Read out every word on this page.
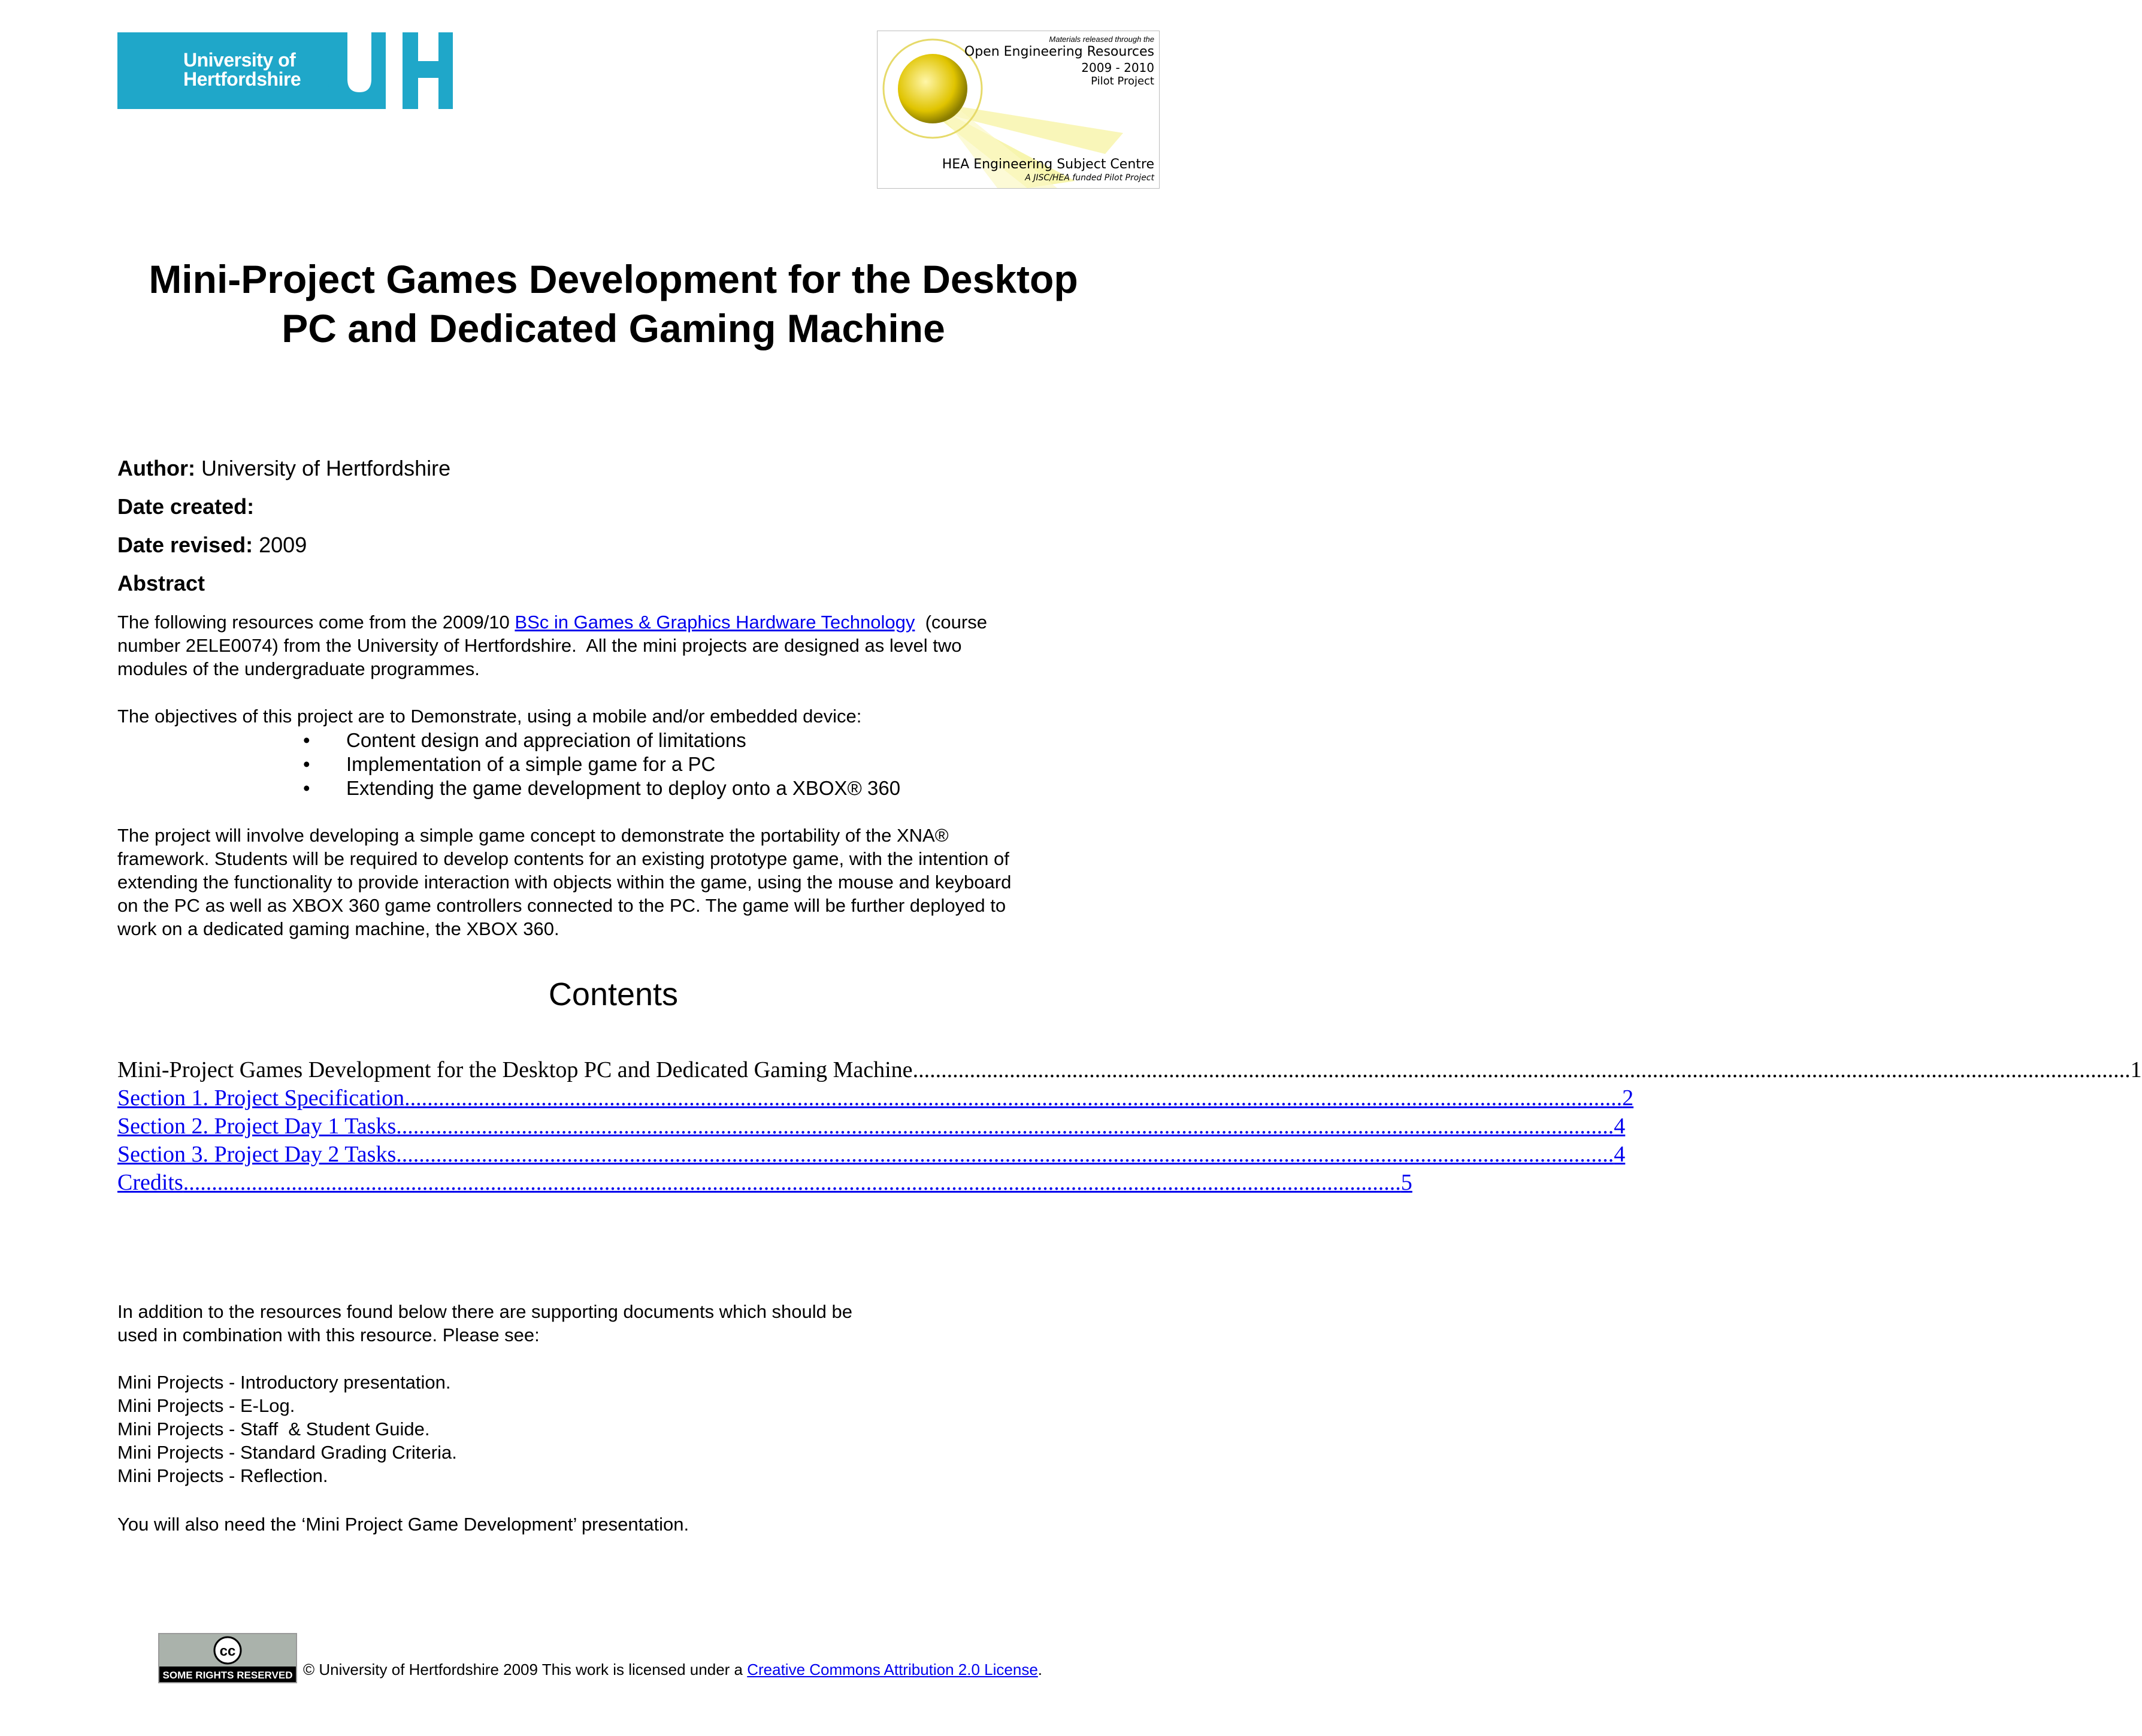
University of
Hertfordshire
Materials released through the
Open Engineering Resources
2009 - 2010
Pilot Project
HEA Engineering Subject Centre
A JISC/HEA funded Pilot Project
Mini-Project Games Development for the Desktop
PC and Dedicated Gaming Machine
Author: University of Hertfordshire
Date created:
Date revised: 2009
Abstract
The following resources come from the 2009/10 BSc in Games & Graphics Hardware Technology  (course
number 2ELE0074) from the University of Hertfordshire.  All the mini projects are designed as level two
modules of the undergraduate programmes.
The objectives of this project are to Demonstrate, using a mobile and/or embedded device:
• Content design and appreciation of limitations
• Implementation of a simple game for a PC
• Extending the game development to deploy onto a XBOX® 360
The project will involve developing a simple game concept to demonstrate the portability of the XNA®
framework. Students will be required to develop contents for an existing prototype game, with the intention of
extending the functionality to provide interaction with objects within the game, using the mouse and keyboard
on the PC as well as XBOX 360 game controllers connected to the PC. The game will be further deployed to
work on a dedicated gaming machine, the XBOX 360.
Contents
Mini-Project Games Development for the Desktop PC and Dedicated Gaming Machine ...................................................................................................................................................................................................................... 1
Section 1. Project Specification ...................................................................................................................................................................................................................... 2
Section 2. Project Day 1 Tasks ...................................................................................................................................................................................................................... 4
Section 3. Project Day 2 Tasks ...................................................................................................................................................................................................................... 4
Credits ...................................................................................................................................................................................................................... 5
In addition to the resources found below there are supporting documents which should be
used in combination with this resource. Please see:
Mini Projects - Introductory presentation.
Mini Projects - E-Log.
Mini Projects - Staff  & Student Guide.
Mini Projects - Standard Grading Criteria.
Mini Projects - Reflection.
You will also need the ‘Mini Project Game Development’ presentation.
cc
SOME RIGHTS RESERVED © University of Hertfordshire 2009 This work is licensed under a Creative Commons Attribution 2.0 License.
